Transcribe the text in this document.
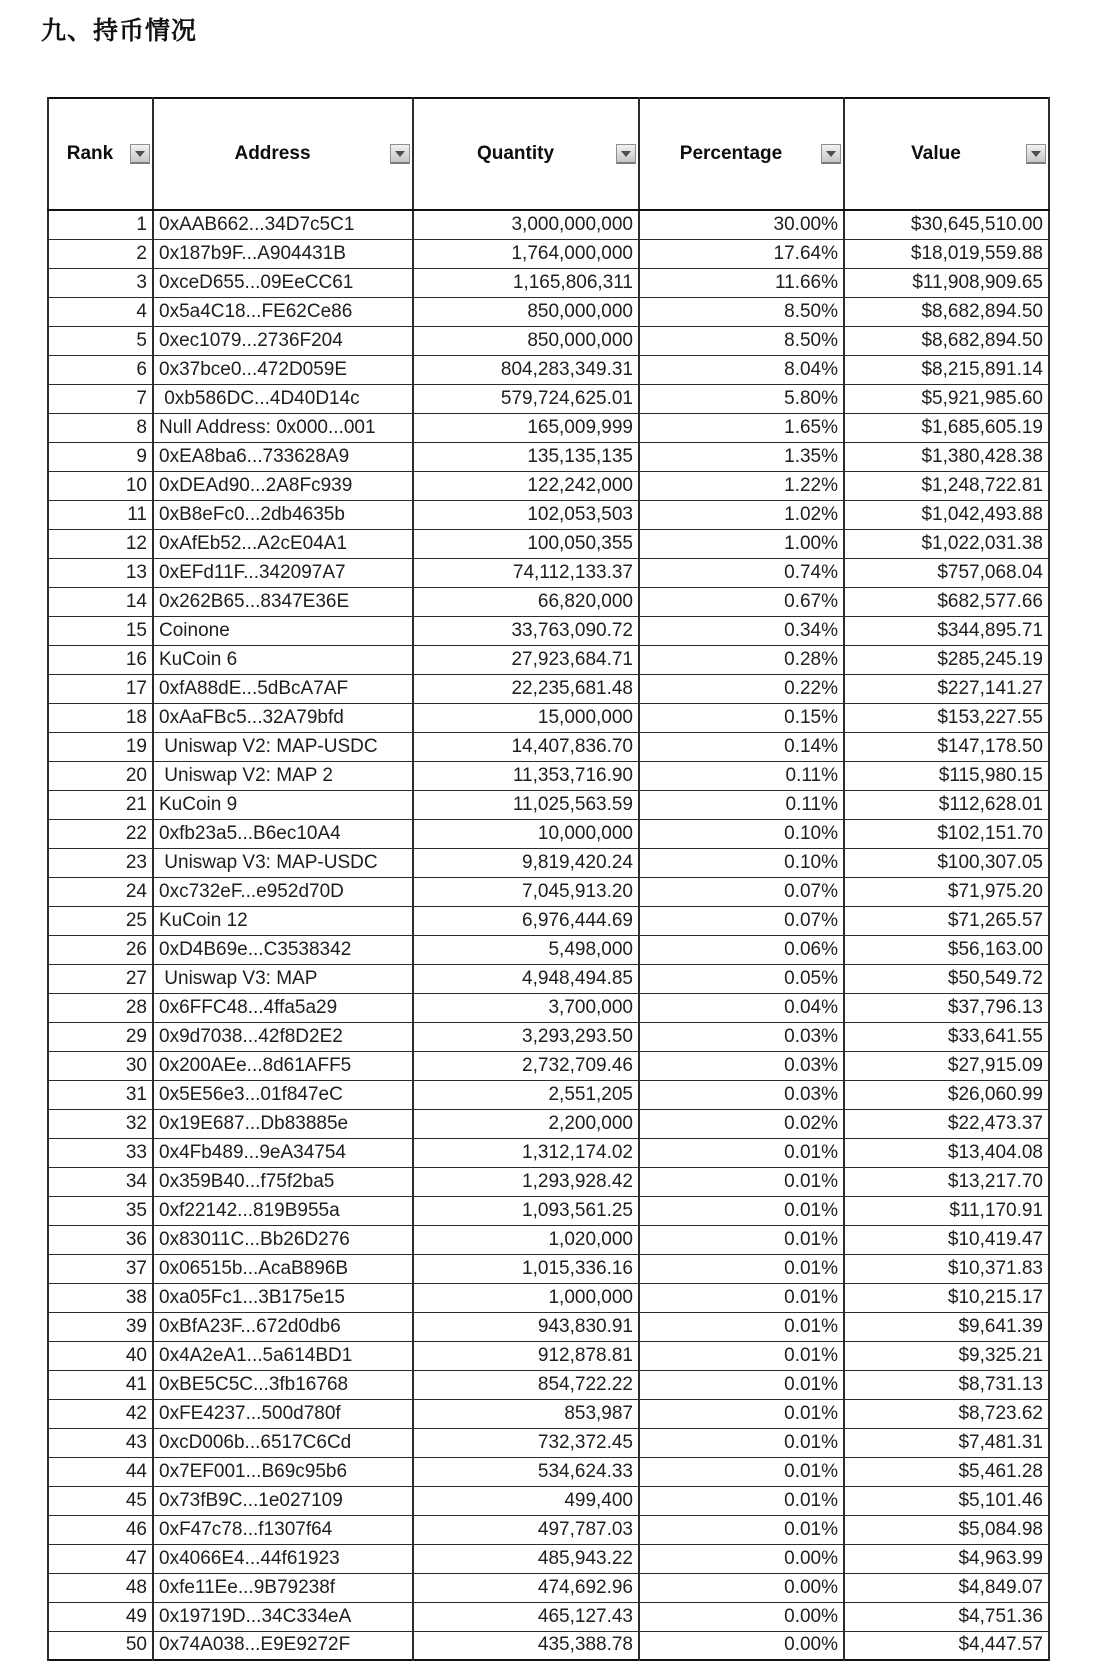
九、持币情况

Rank	Address	Quantity	Percentage	Value

1	0xAAB662...34D7c5C1	3,000,000,000	30.00%	$30,645,510.00
2	0x187b9F...A904431B	1,764,000,000	17.64%	$18,019,559.88
3	0xceD655...09EeCC61	1,165,806,311	11.66%	$11,908,909.65
4	0x5a4C18...FE62Ce86	850,000,000	8.50%	$8,682,894.50
5	0xec1079...2736F204	850,000,000	8.50%	$8,682,894.50
6	0x37bce0...472D059E	804,283,349.31	8.04%	$8,215,891.14
7	0xb586DC...4D40D14c	579,724,625.01	5.80%	$5,921,985.60
8	Null Address: 0x000...001	165,009,999	1.65%	$1,685,605.19
9	0xEA8ba6...733628A9	135,135,135	1.35%	$1,380,428.38
10	0xDEAd90...2A8Fc939	122,242,000	1.22%	$1,248,722.81
11	0xB8eFc0...2db4635b	102,053,503	1.02%	$1,042,493.88
12	0xAfEb52...A2cE04A1	100,050,355	1.00%	$1,022,031.38
13	0xEFd11F...342097A7	74,112,133.37	0.74%	$757,068.04
14	0x262B65...8347E36E	66,820,000	0.67%	$682,577.66
15	Coinone	33,763,090.72	0.34%	$344,895.71
16	KuCoin 6	27,923,684.71	0.28%	$285,245.19
17	0xfA88dE...5dBcA7AF	22,235,681.48	0.22%	$227,141.27
18	0xAaFBc5...32A79bfd	15,000,000	0.15%	$153,227.55
19	Uniswap V2: MAP-USDC	14,407,836.70	0.14%	$147,178.50
20	Uniswap V2: MAP 2	11,353,716.90	0.11%	$115,980.15
21	KuCoin 9	11,025,563.59	0.11%	$112,628.01
22	0xfb23a5...B6ec10A4	10,000,000	0.10%	$102,151.70
23	Uniswap V3: MAP-USDC	9,819,420.24	0.10%	$100,307.05
24	0xc732eF...e952d70D	7,045,913.20	0.07%	$71,975.20
25	KuCoin 12	6,976,444.69	0.07%	$71,265.57
26	0xD4B69e...C3538342	5,498,000	0.06%	$56,163.00
27	Uniswap V3: MAP	4,948,494.85	0.05%	$50,549.72
28	0x6FFC48...4ffa5a29	3,700,000	0.04%	$37,796.13
29	0x9d7038...42f8D2E2	3,293,293.50	0.03%	$33,641.55
30	0x200AEe...8d61AFF5	2,732,709.46	0.03%	$27,915.09
31	0x5E56e3...01f847eC	2,551,205	0.03%	$26,060.99
32	0x19E687...Db83885e	2,200,000	0.02%	$22,473.37
33	0x4Fb489...9eA34754	1,312,174.02	0.01%	$13,404.08
34	0x359B40...f75f2ba5	1,293,928.42	0.01%	$13,217.70
35	0xf22142...819B955a	1,093,561.25	0.01%	$11,170.91
36	0x83011C...Bb26D276	1,020,000	0.01%	$10,419.47
37	0x06515b...AcaB896B	1,015,336.16	0.01%	$10,371.83
38	0xa05Fc1...3B175e15	1,000,000	0.01%	$10,215.17
39	0xBfA23F...672d0db6	943,830.91	0.01%	$9,641.39
40	0x4A2eA1...5a614BD1	912,878.81	0.01%	$9,325.21
41	0xBE5C5C...3fb16768	854,722.22	0.01%	$8,731.13
42	0xFE4237...500d780f	853,987	0.01%	$8,723.62
43	0xcD006b...6517C6Cd	732,372.45	0.01%	$7,481.31
44	0x7EF001...B69c95b6	534,624.33	0.01%	$5,461.28
45	0x73fB9C...1e027109	499,400	0.01%	$5,101.46
46	0xF47c78...f1307f64	497,787.03	0.01%	$5,084.98
47	0x4066E4...44f61923	485,943.22	0.00%	$4,963.99
48	0xfe11Ee...9B79238f	474,692.96	0.00%	$4,849.07
49	0x19719D...34C334eA	465,127.43	0.00%	$4,751.36
50	0x74A038...E9E9272F	435,388.78	0.00%	$4,447.57
